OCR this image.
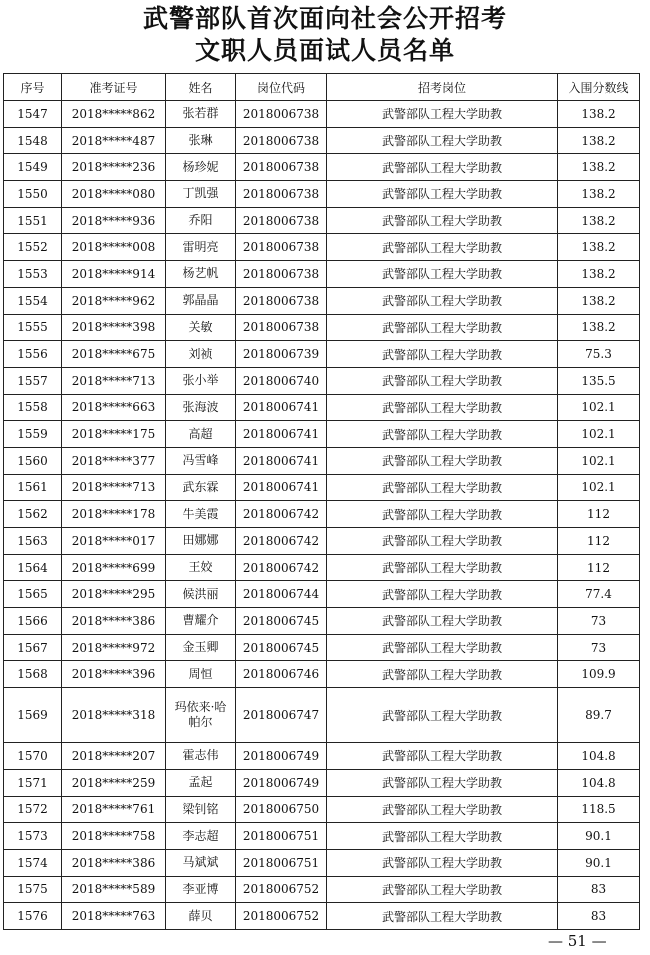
武警部队首次面向社会公开招考
文职人员面试人员名单
序号	准考证号	姓名	岗位代码	招考岗位	入围分数线
1547	2018*****862	张若群	2018006738	武警部队工程大学助教	138.2
1548	2018*****487	张琳	2018006738	武警部队工程大学助教	138.2
1549	2018*****236	杨珍妮	2018006738	武警部队工程大学助教	138.2
1550	2018*****080	丁凯强	2018006738	武警部队工程大学助教	138.2
1551	2018*****936	乔阳	2018006738	武警部队工程大学助教	138.2
1552	2018*****008	雷明亮	2018006738	武警部队工程大学助教	138.2
1553	2018*****914	杨艺帆	2018006738	武警部队工程大学助教	138.2
1554	2018*****962	郭晶晶	2018006738	武警部队工程大学助教	138.2
1555	2018*****398	关敏	2018006738	武警部队工程大学助教	138.2
1556	2018*****675	刘祯	2018006739	武警部队工程大学助教	75.3
1557	2018*****713	张小举	2018006740	武警部队工程大学助教	135.5
1558	2018*****663	张海波	2018006741	武警部队工程大学助教	102.1
1559	2018*****175	高超	2018006741	武警部队工程大学助教	102.1
1560	2018*****377	冯雪峰	2018006741	武警部队工程大学助教	102.1
1561	2018*****713	武东霖	2018006741	武警部队工程大学助教	102.1
1562	2018*****178	牛美霞	2018006742	武警部队工程大学助教	112
1563	2018*****017	田娜娜	2018006742	武警部队工程大学助教	112
1564	2018*****699	王姣	2018006742	武警部队工程大学助教	112
1565	2018*****295	候洪丽	2018006744	武警部队工程大学助教	77.4
1566	2018*****386	曹耀介	2018006745	武警部队工程大学助教	73
1567	2018*****972	金玉卿	2018006745	武警部队工程大学助教	73
1568	2018*****396	周恒	2018006746	武警部队工程大学助教	109.9
1569	2018*****318	玛依来·哈帕尔	2018006747	武警部队工程大学助教	89.7
1570	2018*****207	霍志伟	2018006749	武警部队工程大学助教	104.8
1571	2018*****259	孟起	2018006749	武警部队工程大学助教	104.8
1572	2018*****761	梁钊铭	2018006750	武警部队工程大学助教	118.5
1573	2018*****758	李志超	2018006751	武警部队工程大学助教	90.1
1574	2018*****386	马斌斌	2018006751	武警部队工程大学助教	90.1
1575	2018*****589	李亚博	2018006752	武警部队工程大学助教	83
1576	2018*****763	薛贝	2018006752	武警部队工程大学助教	83
— 51 —
